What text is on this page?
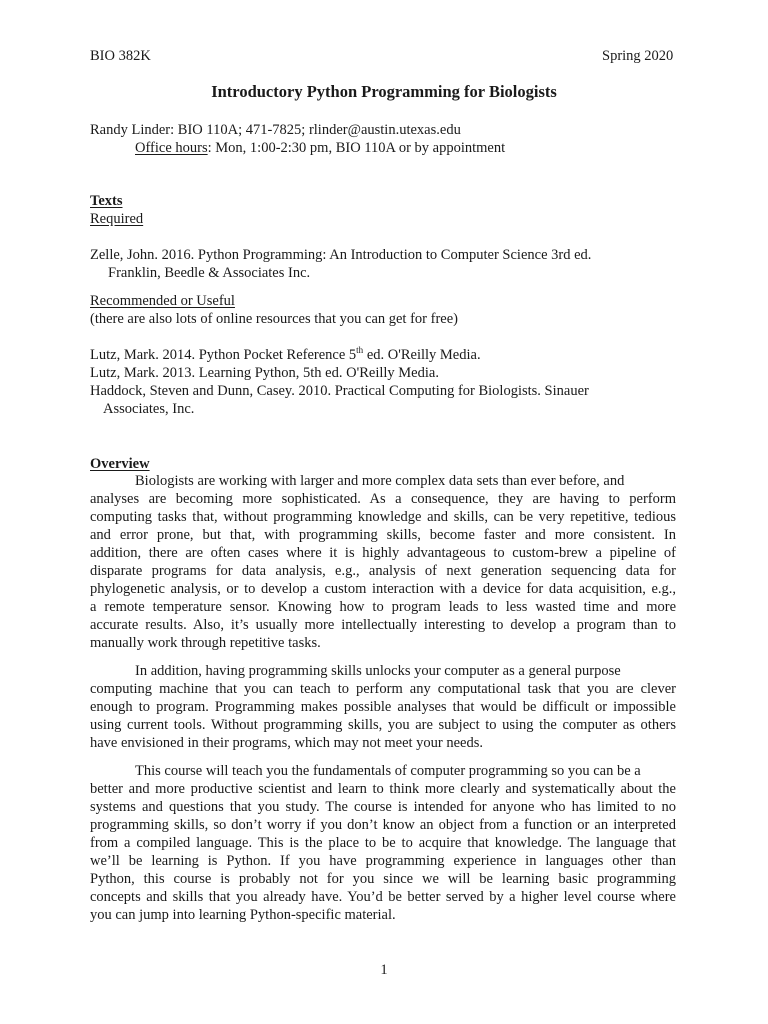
BIO 382K	Spring 2020
Introductory Python Programming for Biologists
Randy Linder: BIO 110A; 471-7825; rlinder@austin.utexas.edu
Office hours: Mon, 1:00-2:30 pm, BIO 110A or by appointment
Texts
Required
Zelle, John. 2016. Python Programming: An Introduction to Computer Science 3rd ed.
Franklin, Beedle & Associates Inc.
Recommended or Useful
(there are also lots of online resources that you can get for free)
Lutz, Mark. 2014. Python Pocket Reference 5th ed. O'Reilly Media.
Lutz, Mark. 2013. Learning Python, 5th ed. O'Reilly Media.
Haddock, Steven and Dunn, Casey. 2010. Practical Computing for Biologists. Sinauer
Associates, Inc.
Overview
Biologists are working with larger and more complex data sets than ever before, and
analyses are becoming more sophisticated. As a consequence, they are having to perform
computing tasks that, without programming knowledge and skills, can be very repetitive, tedious
and error prone, but that, with programming skills, become faster and more consistent. In
addition, there are often cases where it is highly advantageous to custom-brew a pipeline of
disparate programs for data analysis, e.g., analysis of next generation sequencing data for
phylogenetic analysis, or to develop a custom interaction with a device for data acquisition, e.g.,
a remote temperature sensor. Knowing how to program leads to less wasted time and more
accurate results. Also, it’s usually more intellectually interesting to develop a program than to
manually work through repetitive tasks.
In addition, having programming skills unlocks your computer as a general purpose
computing machine that you can teach to perform any computational task that you are clever
enough to program. Programming makes possible analyses that would be difficult or impossible
using current tools. Without programming skills, you are subject to using the computer as others
have envisioned in their programs, which may not meet your needs.
This course will teach you the fundamentals of computer programming so you can be a
better and more productive scientist and learn to think more clearly and systematically about the
systems and questions that you study. The course is intended for anyone who has limited to no
programming skills, so don’t worry if you don’t know an object from a function or an interpreted
from a compiled language. This is the place to be to acquire that knowledge. The language that
we’ll be learning is Python. If you have programming experience in languages other than
Python, this course is probably not for you since we will be learning basic programming
concepts and skills that you already have. You’d be better served by a higher level course where
you can jump into learning Python-specific material.
1
